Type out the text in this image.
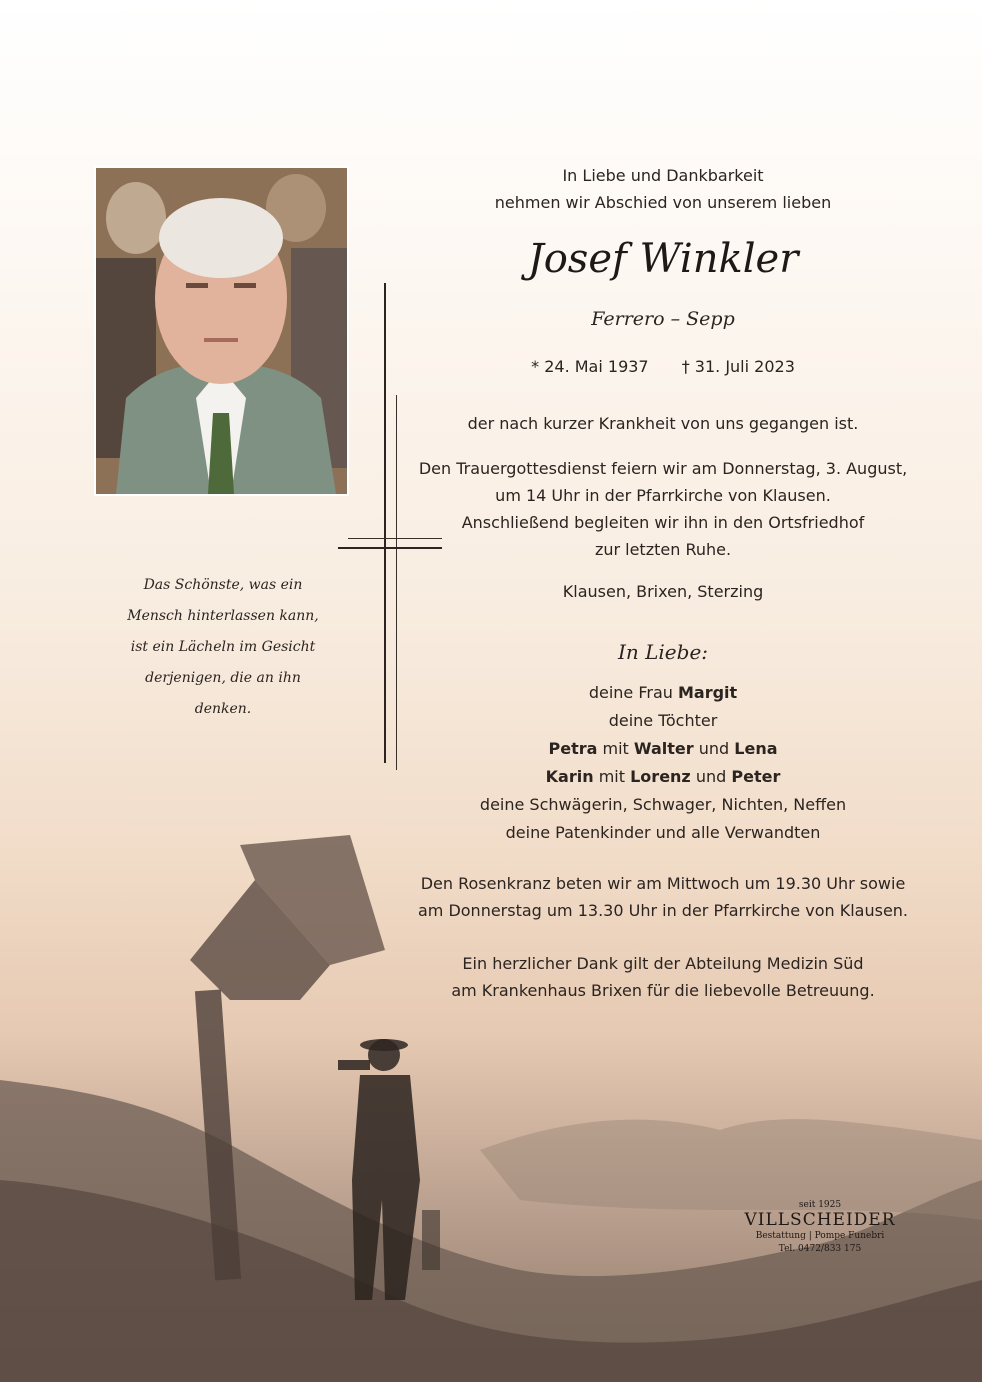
Das Schönste, was ein
Mensch hinterlassen kann,
ist ein Lächeln im Gesicht
derjenigen, die an ihn
denken.
In Liebe und Dankbarkeit
nehmen wir Abschied von unserem lieben
Josef Winkler
Ferrero – Sepp
* 24. Mai 1937 † 31. Juli 2023
der nach kurzer Krankheit von uns gegangen ist.
Den Trauergottesdienst feiern wir am Donnerstag, 3. August,
um 14 Uhr in der Pfarrkirche von Klausen.
Anschließend begleiten wir ihn in den Ortsfriedhof
zur letzten Ruhe.
Klausen, Brixen, Sterzing
In Liebe:
deine Frau Margit
deine Töchter
Petra mit Walter und Lena
Karin mit Lorenz und Peter
deine Schwägerin, Schwager, Nichten, Neffen
deine Patenkinder und alle Verwandten
Den Rosenkranz beten wir am Mittwoch um 19.30 Uhr sowie
am Donnerstag um 13.30 Uhr in der Pfarrkirche von Klausen.
Ein herzlicher Dank gilt der Abteilung Medizin Süd
am Krankenhaus Brixen für die liebevolle Betreuung.
seit 1925
VILLSCHEIDER
Bestattung | Pompe Funebri
Tel. 0472/833 175
